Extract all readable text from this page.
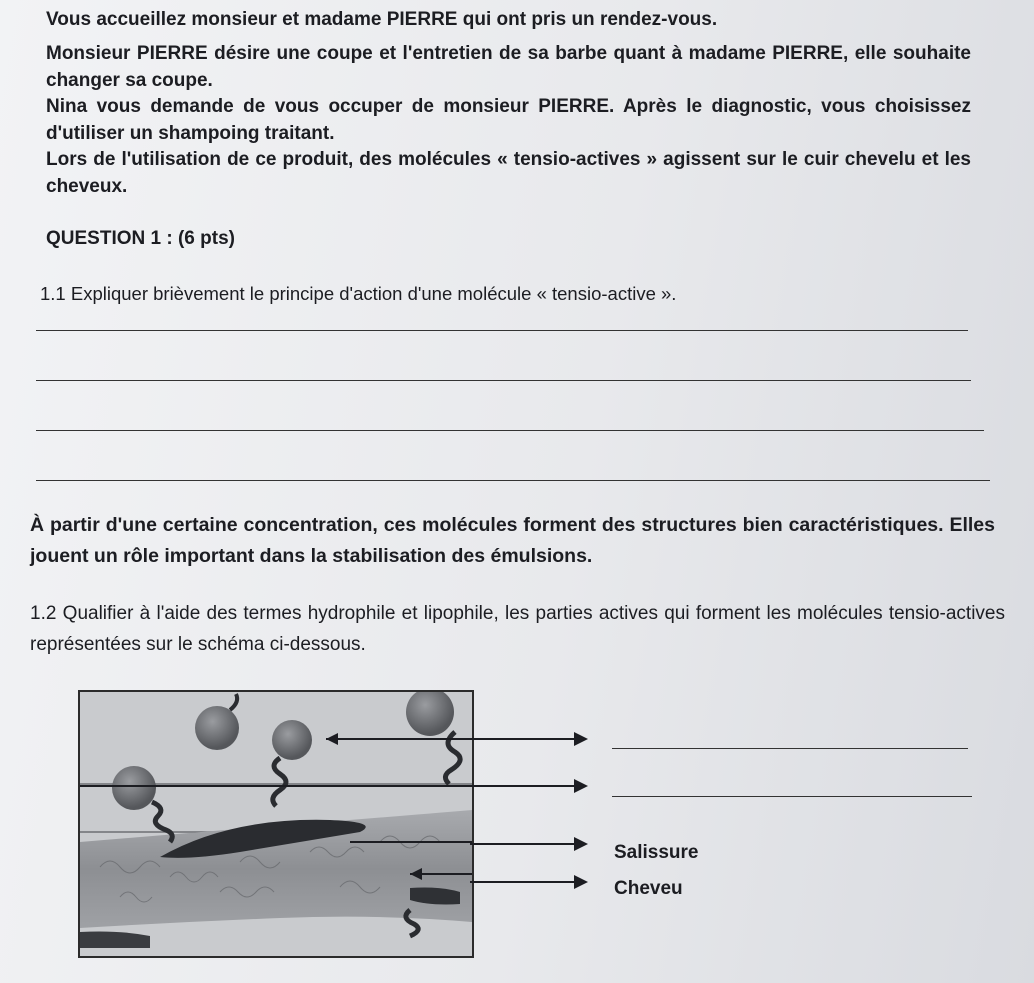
Vous accueillez monsieur et madame PIERRE qui ont pris un rendez-vous.
Monsieur PIERRE désire une coupe et l'entretien de sa barbe quant à madame PIERRE, elle souhaite changer sa coupe.
Nina vous demande de vous occuper de monsieur PIERRE. Après le diagnostic, vous choisissez d'utiliser un shampoing traitant.
Lors de l'utilisation de ce produit, des molécules « tensio-actives » agissent sur le cuir chevelu et les cheveux.
QUESTION 1 : (6 pts)
1.1 Expliquer brièvement le principe d'action d'une molécule « tensio-active ».
À partir d'une certaine concentration, ces molécules forment des structures bien caractéristiques. Elles jouent un rôle important dans la stabilisation des émulsions.
1.2 Qualifier à l'aide des termes hydrophile et lipophile, les parties actives qui forment les molécules tensio-actives représentées sur le schéma ci-dessous.
Salissure
Cheveu
